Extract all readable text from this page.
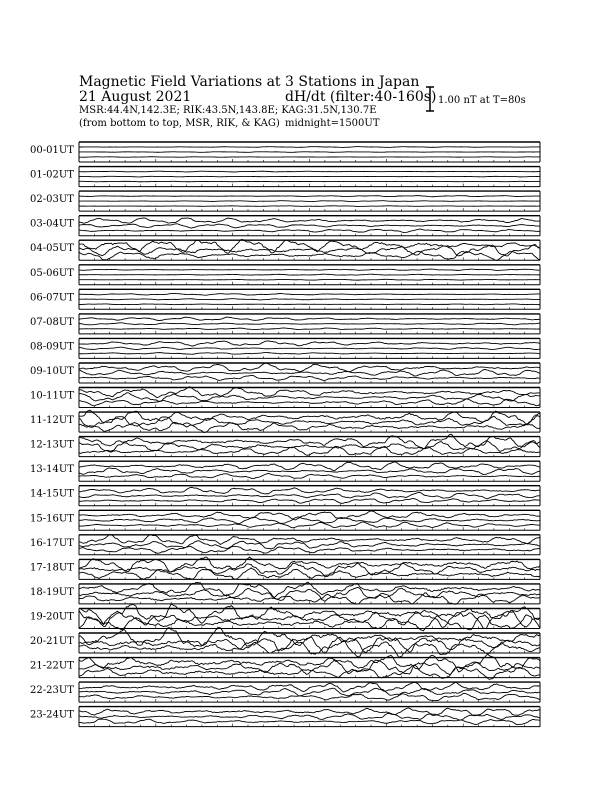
Magnetic Field Variations at 3 Stations in Japan
21 August 2021	dH/dt (filter:40-160s)
MSR:44.4N,142.3E; RIK:43.5N,143.8E; KAG:31.5N,130.7E
(from bottom to top, MSR, RIK, & KAG) midnight=1500UT
1.00 nT at T=80s
00-01UT
01-02UT
02-03UT
03-04UT
04-05UT
05-06UT
06-07UT
07-08UT
08-09UT
09-10UT
10-11UT
11-12UT
12-13UT
13-14UT
14-15UT
15-16UT
16-17UT
17-18UT
18-19UT
19-20UT
20-21UT
21-22UT
22-23UT
23-24UT
